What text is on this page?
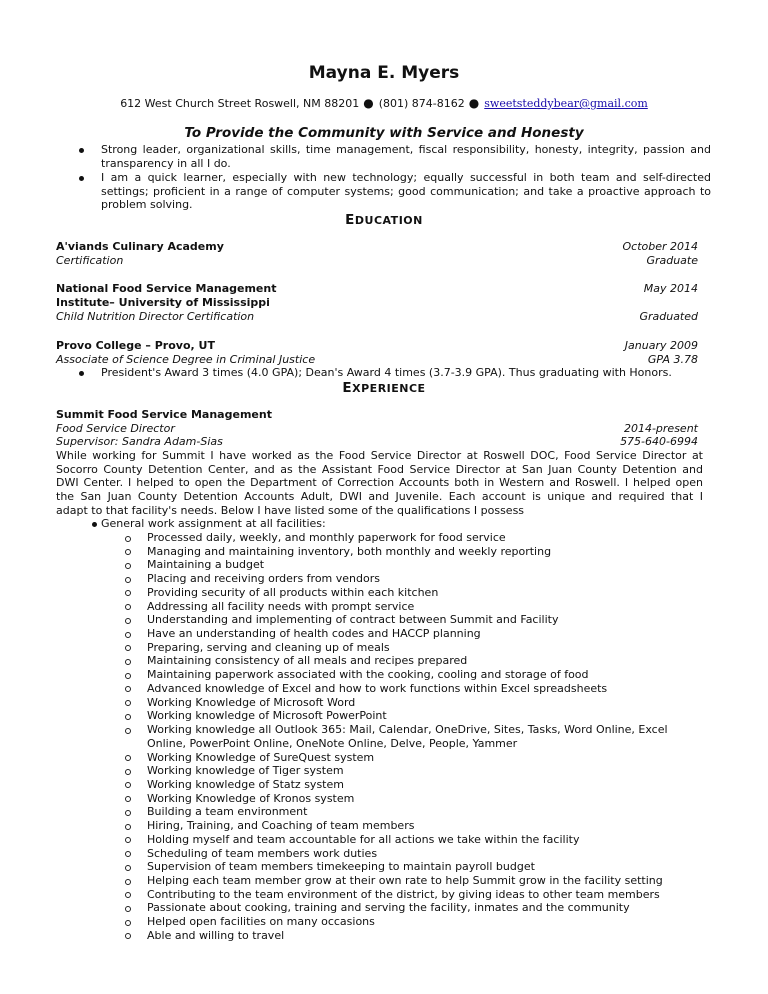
Mayna E. Myers
612 West Church Street Roswell, NM 88201 ● (801) 874-8162 ● sweetsteddybear@gmail.com
To Provide the Community with Service and Honesty
Strong leader, organizational skills, time management, fiscal responsibility, honesty, integrity, passion and transparency in all I do.
I am a quick learner, especially with new technology; equally successful in both team and self-directed settings; proficient in a range of computer systems; good communication; and take a proactive approach to problem solving.
EDUCATION
A'viands Culinary Academy	October 2014
Certification	Graduate
National Food Service Management	May 2014
Institute– University of Mississippi
Child Nutrition Director Certification	Graduated
Provo College – Provo, UT	January 2009
Associate of Science Degree in Criminal Justice	GPA 3.78
President's Award 3 times (4.0 GPA); Dean's Award 4 times (3.7-3.9 GPA). Thus graduating with Honors.
EXPERIENCE
Summit Food Service Management
Food Service Director	2014-present
Supervisor: Sandra Adam-Sias	575-640-6994
While working for Summit I have worked as the Food Service Director at Roswell DOC, Food Service Director at
Socorro County Detention Center, and as the Assistant Food Service Director at San Juan County Detention and
DWI Center. I helped to open the Department of Correction Accounts both in Western and Roswell. I helped open
the San Juan County Detention Accounts Adult, DWI and Juvenile. Each account is unique and required that I
adapt to that facility's needs. Below I have listed some of the qualifications I possess
General work assignment at all facilities:
Processed daily, weekly, and monthly paperwork for food service
Managing and maintaining inventory, both monthly and weekly reporting
Maintaining a budget
Placing and receiving orders from vendors
Providing security of all products within each kitchen
Addressing all facility needs with prompt service
Understanding and implementing of contract between Summit and Facility
Have an understanding of health codes and HACCP planning
Preparing, serving and cleaning up of meals
Maintaining consistency of all meals and recipes prepared
Maintaining paperwork associated with the cooking, cooling and storage of food
Advanced knowledge of Excel and how to work functions within Excel spreadsheets
Working Knowledge of Microsoft Word
Working knowledge of Microsoft PowerPoint
Working knowledge all Outlook 365: Mail, Calendar, OneDrive, Sites, Tasks, Word Online, Excel
Online, PowerPoint Online, OneNote Online, Delve, People, Yammer
Working Knowledge of SureQuest system
Working knowledge of Tiger system
Working knowledge of Statz system
Working Knowledge of Kronos system
Building a team environment
Hiring, Training, and Coaching of team members
Holding myself and team accountable for all actions we take within the facility
Scheduling of team members work duties
Supervision of team members timekeeping to maintain payroll budget
Helping each team member grow at their own rate to help Summit grow in the facility setting
Contributing to the team environment of the district, by giving ideas to other team members
Passionate about cooking, training and serving the facility, inmates and the community
Helped open facilities on many occasions
Able and willing to travel
